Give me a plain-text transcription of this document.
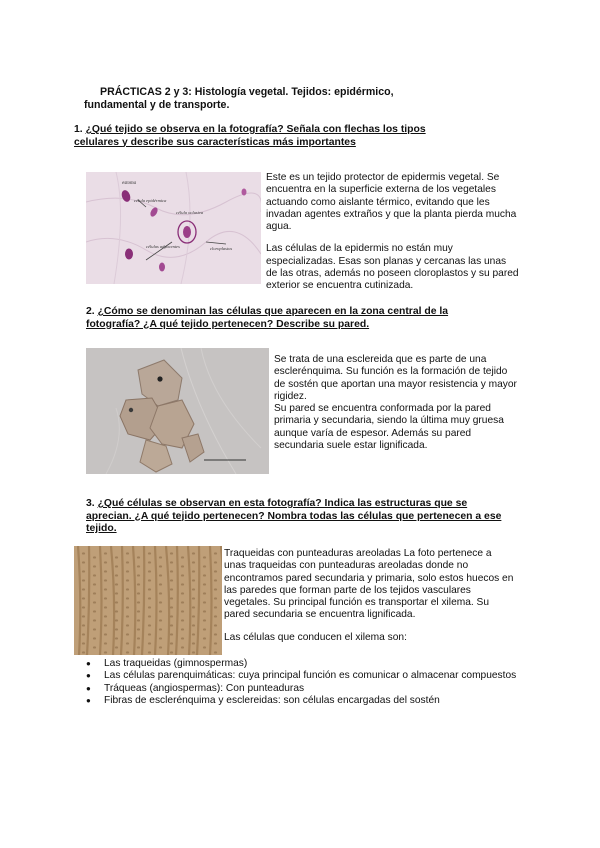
PRÁCTICAS 2 y 3: Histología vegetal. Tejidos: epidérmico,
fundamental y de transporte.
1. ¿Qué tejido se observa en la fotografía? Señala con flechas los tipos celulares y describe sus características más importantes
estoma
célula epidérmica
célula oclusiva
células adyacentes	cloroplastos

Este es un tejido protector de epidermis vegetal. Se encuentra en la superficie externa de los vegetales actuando como aislante térmico, evitando que les invadan agentes extraños y que la planta pierda mucha agua.

Las células de la epidermis no están muy especializadas. Esas son planas y cercanas las unas de las otras, además no poseen cloroplastos y su pared exterior se encuentra cutinizada.

2. ¿Cómo se denominan las células que aparecen en la zona central de la fotografía? ¿A qué tejido pertenecen? Describe su pared.

Se trata de una esclereida que es parte de una esclerénquima. Su función es la formación de tejido de sostén que aportan una mayor resistencia y mayor rigidez.

Su pared se encuentra conformada por la pared primaria y secundaria, siendo la última muy gruesa aunque varía de espesor. Además su pared secundaria suele estar lignificada.

3. ¿Qué células se observan en esta fotografía? Indica las estructuras que se aprecian. ¿A qué tejido pertenecen? Nombra todas las células que pertenecen a ese tejido.

Traqueidas con punteaduras areoladas La foto pertenece a unas traqueidas con punteaduras areoladas donde no encontramos pared secundaria y primaria, solo estos huecos en las paredes que forman parte de los tejidos vasculares vegetales. Su principal función es transportar el xilema. Su pared secundaria se encuentra lignificada.

Las células que conducen el xilema son:

● Las traqueidas (gimnospermas)
● Las células parenquimáticas: cuya principal función es comunicar o almacenar compuestos
● Tráqueas (angiospermas): Con punteaduras
● Fibras de esclerénquima y esclereidas: son células encargadas del sostén
